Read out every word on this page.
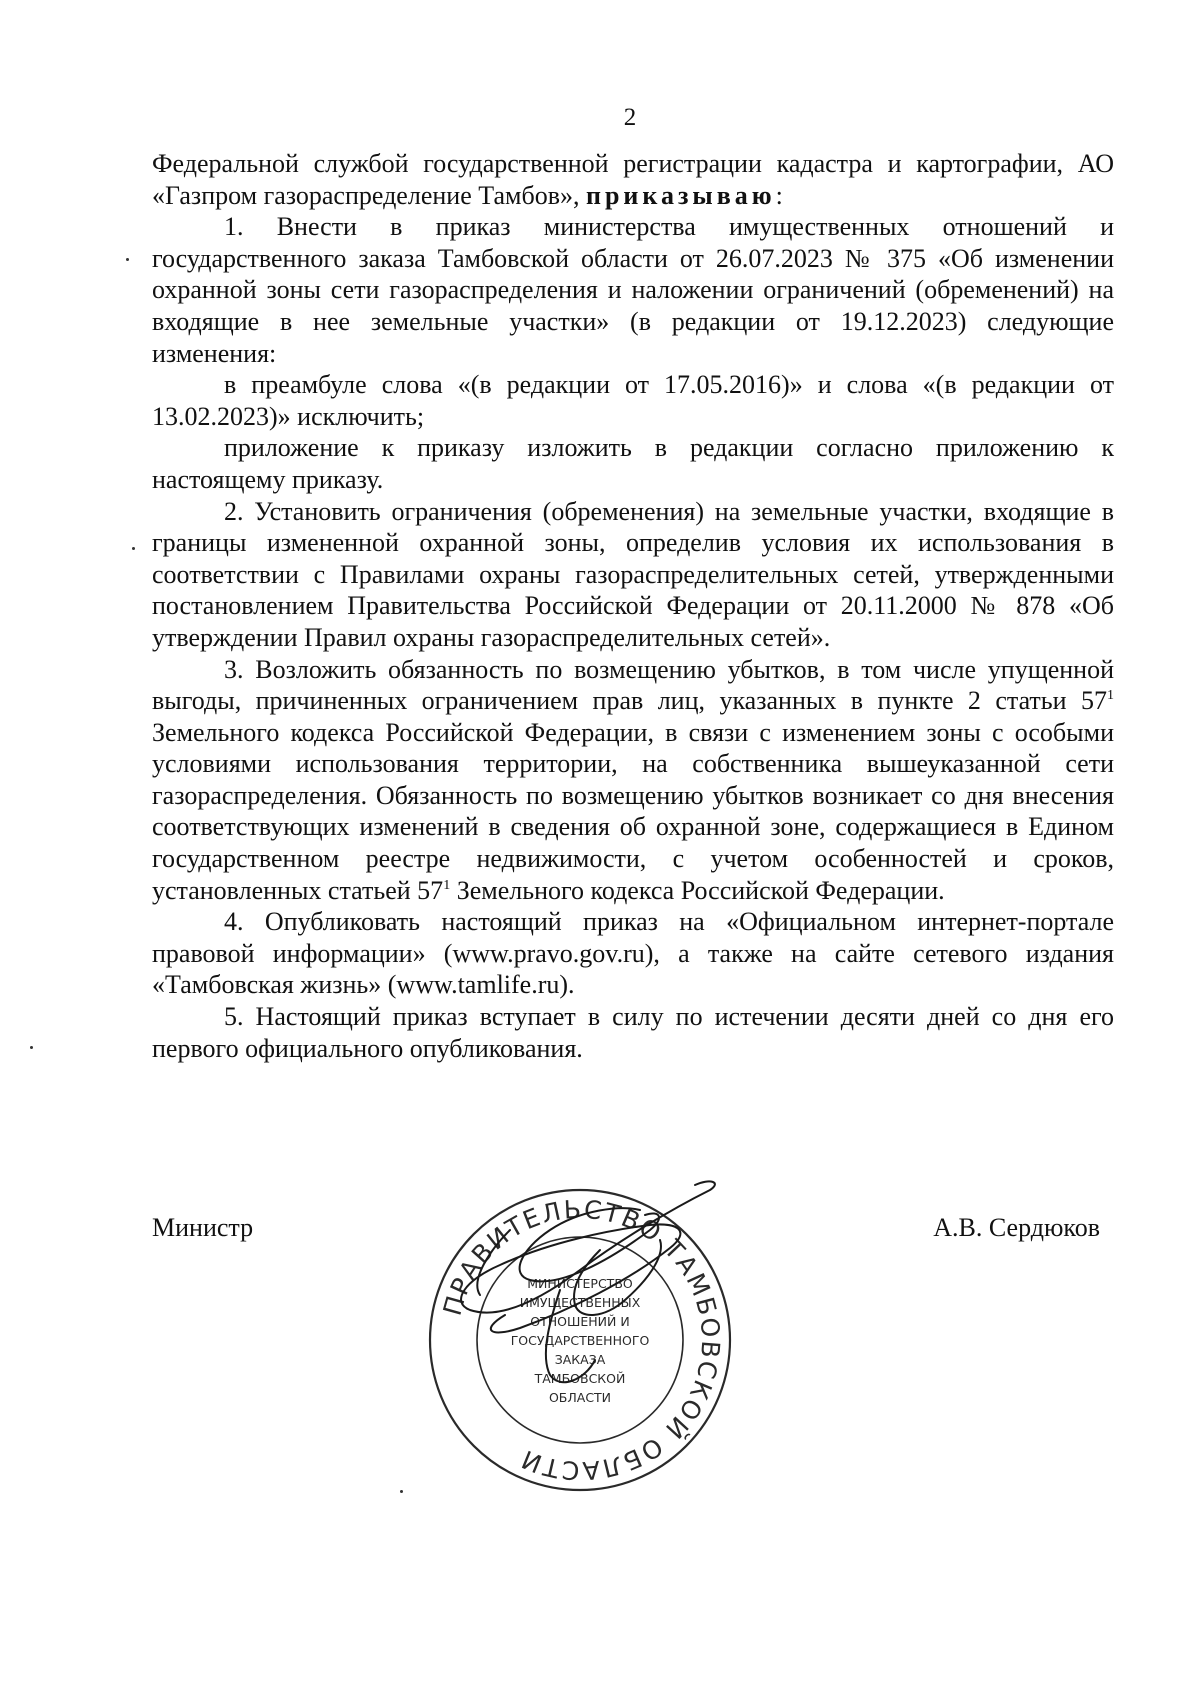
2

Федеральной службой государственной регистрации кадастра и картографии, АО «Газпром газораспределение Тамбов», приказываю:

1. Внести в приказ министерства имущественных отношений и государственного заказа Тамбовской области от 26.07.2023 № 375 «Об изменении охранной зоны сети газораспределения и наложении ограничений (обременений) на входящие в нее земельные участки» (в редакции от 19.12.2023) следующие изменения:

в преамбуле слова «(в редакции от 17.05.2016)» и слова «(в редакции от 13.02.2023)» исключить;

приложение к приказу изложить в редакции согласно приложению к настоящему приказу.

2. Установить ограничения (обременения) на земельные участки, входящие в границы измененной охранной зоны, определив условия их использования в соответствии с Правилами охраны газораспределительных сетей, утвержденными постановлением Правительства Российской Федерации от 20.11.2000 № 878 «Об утверждении Правил охраны газораспределительных сетей».

3. Возложить обязанность по возмещению убытков, в том числе упущенной выгоды, причиненных ограничением прав лиц, указанных в пункте 2 статьи $57^1$ Земельного кодекса Российской Федерации, в связи с изменением зоны с особыми условиями использования территории, на собственника вышеуказанной сети газораспределения. Обязанность по возмещению убытков возникает со дня внесения соответствующих изменений в сведения об охранной зоне, содержащиеся в Едином государственном реестре недвижимости, с учетом особенностей и сроков, установленных статьей $57^1$ Земельного кодекса Российской Федерации.

4. Опубликовать настоящий приказ на «Официальном интернет-портале правовой информации» (www.pravo.gov.ru), а также на сайте сетевого издания «Тамбовская жизнь» (www.tamlife.ru).

5. Настоящий приказ вступает в силу по истечении десяти дней со дня его первого официального опубликования.

Министр	А.В. Сердюков
ПРАВИТЕЛЬСТВО ТАМБОВСКОЙ ОБЛАСТИ
МИНИСТЕРСТВО
ИМУЩЕСТВЕННЫХ
ОТНОШЕНИЙ И
ГОСУДАРСТВЕННОГО
ЗАКАЗА
ТАМБОВСКОЙ
ОБЛАСТИ
